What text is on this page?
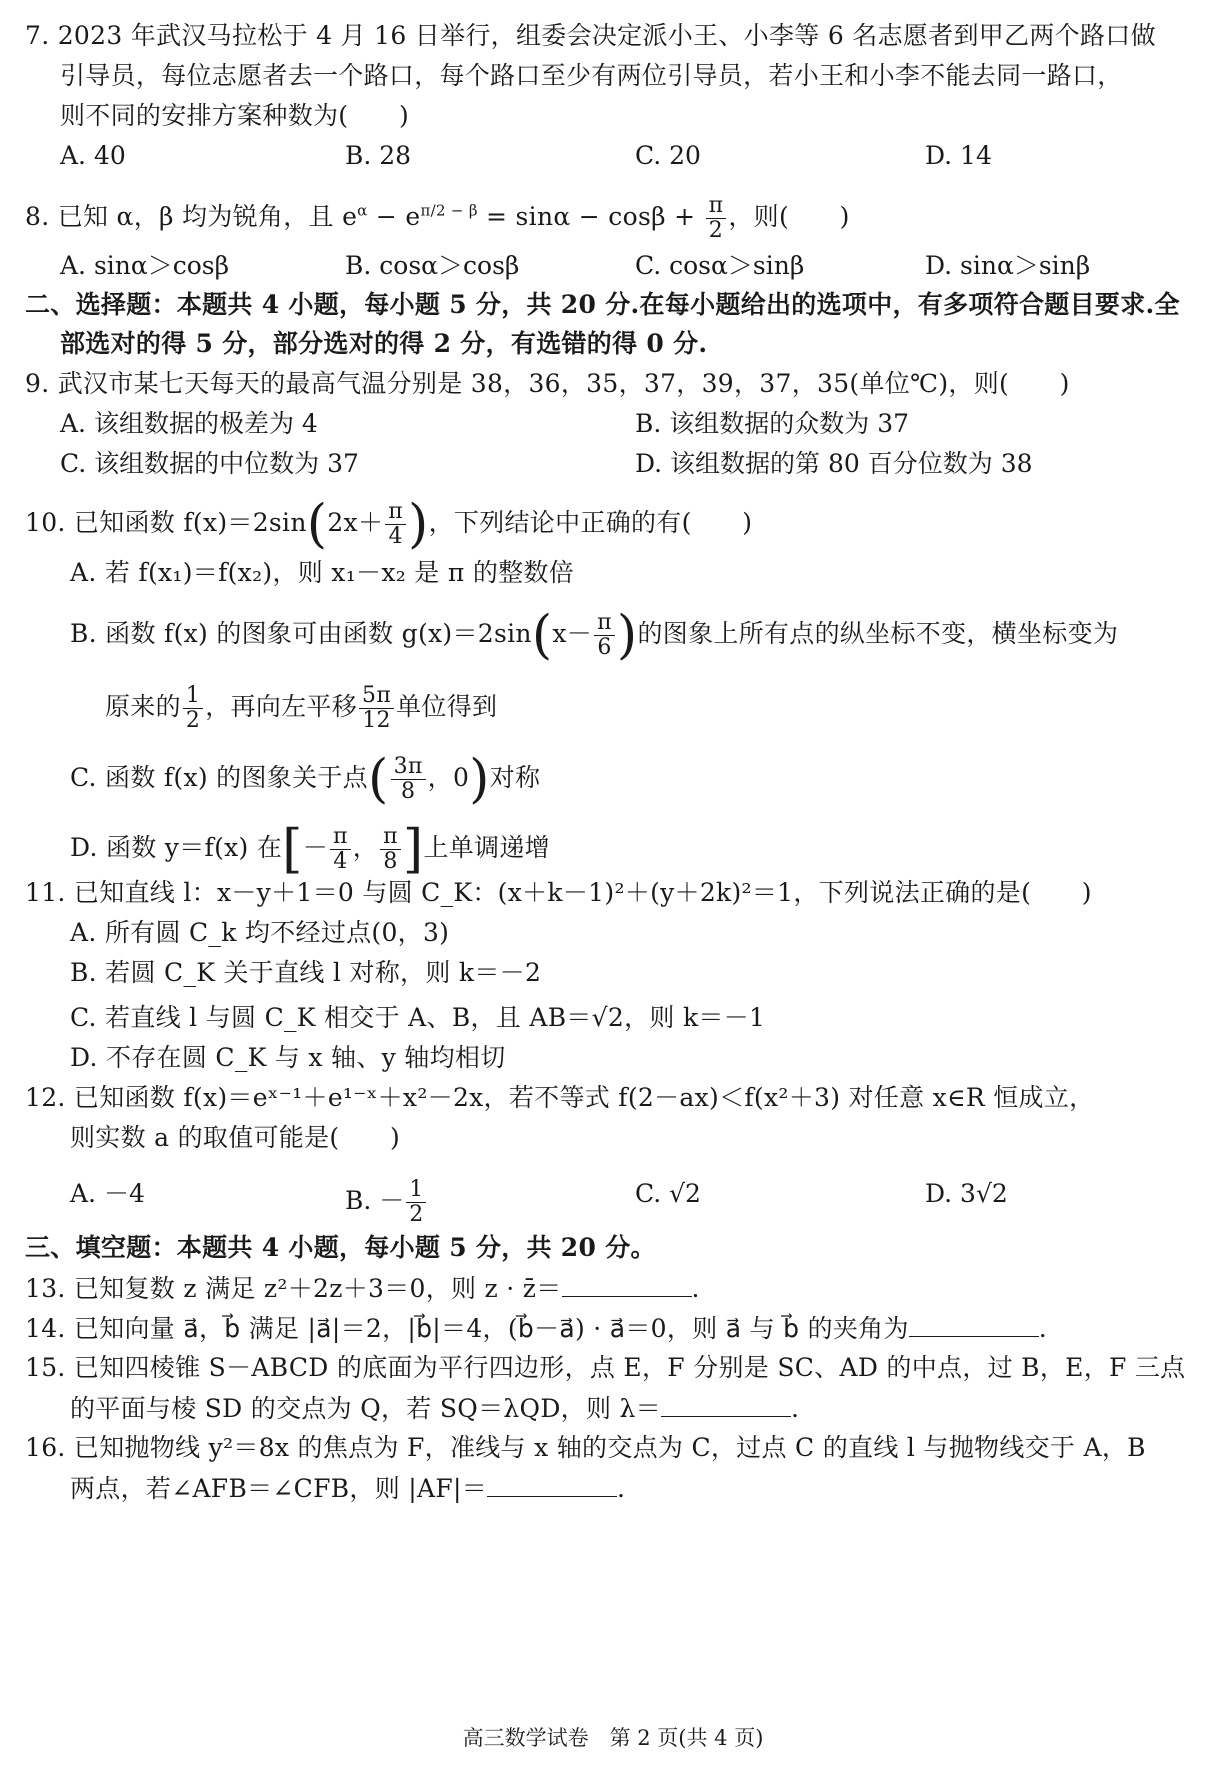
7. 2023 年武汉马拉松于 4 月 16 日举行，组委会决定派小王、小李等 6 名志愿者到甲乙两个路口做
引导员，每位志愿者去一个路口，每个路口至少有两位引导员，若小王和小李不能去同一路口，
则不同的安排方案种数为(　　)
A. 40	B. 28	C. 20	D. 14
8. 已知 α，β 均为锐角，且 $e^\alpha - e^{\pi/2 - \beta} = \sin\alpha - \cos\beta + \frac{\pi}{2}$ ，则(　　)
A. sinα＞cosβ	B. cosα＞cosβ	C. cosα＞sinβ	D. sinα＞sinβ
二、选择题：本题共 4 小题，每小题 5 分，共 20 分.在每小题给出的选项中，有多项符合题目要求.全
部选对的得 5 分，部分选对的得 2 分，有选错的得 0 分.
9. 武汉市某七天每天的最高气温分别是 38，36，35，37，39，37，35(单位℃)，则(　　)
A. 该组数据的极差为 4	B. 该组数据的众数为 37
C. 该组数据的中位数为 37	D. 该组数据的第 80 百分位数为 38
10. 已知函数 $f(x)=2\sin(2x+ \frac{\pi}{4}$ )，下列结论中正确的有(　　)
A. 若 f(x₁)＝f(x₂)，则 x₁－x₂ 是 π 的整数倍
B. 函数 f(x) 的图象可由函数 $g(x)=2\sin(x- \frac{\pi}{6}$ )的图象上所有点的纵坐标不变，横坐标变为
原来的 $\frac{1}{2}$ ，再向左平移 $\frac{5\pi}{12}$ 单位得到
C. 函数 f(x) 的图象关于点( $\frac{3\pi}{8}$ ，0)对称
D. 函数 y＝f(x) 在[－ $\frac{\pi}{4}$ ， $\frac{\pi}{8}$ ]上单调递增
11. 已知直线 l：x－y＋1＝0 与圆 C_K：(x＋k－1)²＋(y＋2k)²＝1，下列说法正确的是(　　)
A. 所有圆 C_k 均不经过点(0，3)
B. 若圆 C_K 关于直线 l 对称，则 k＝－2
C. 若直线 l 与圆 C_K 相交于 A、B，且 AB＝√2，则 k＝－1
D. 不存在圆 C_K 与 x 轴、y 轴均相切
12. 已知函数 f(x)＝eˣ⁻¹＋e¹⁻ˣ＋x²－2x，若不等式 f(2－ax)＜f(x²＋3) 对任意 x∈R 恒成立，
则实数 a 的取值可能是(　　)
A. －4	B. － $\frac{1}{2}$	C. √2	D. 3√2
三、填空题：本题共 4 小题，每小题 5 分，共 20 分。
13. 已知复数 z 满足 z²＋2z＋3＝0，则 z · z̄＝	.
14. 已知向量 a⃗，b⃗ 满足 |a⃗|＝2，|b⃗|＝4，(b⃗－a⃗) · a⃗＝0，则 a⃗ 与 b⃗ 的夹角为	.
15. 已知四棱锥 S－ABCD 的底面为平行四边形，点 E，F 分别是 SC、AD 的中点，过 B，E，F 三点
的平面与棱 SD 的交点为 Q，若 SQ＝λQD，则 λ＝	.
16. 已知抛物线 y²＝8x 的焦点为 F，准线与 x 轴的交点为 C，过点 C 的直线 l 与抛物线交于 A，B
两点，若∠AFB＝∠CFB，则 |AF|＝	.
高三数学试卷　第 2 页(共 4 页)
